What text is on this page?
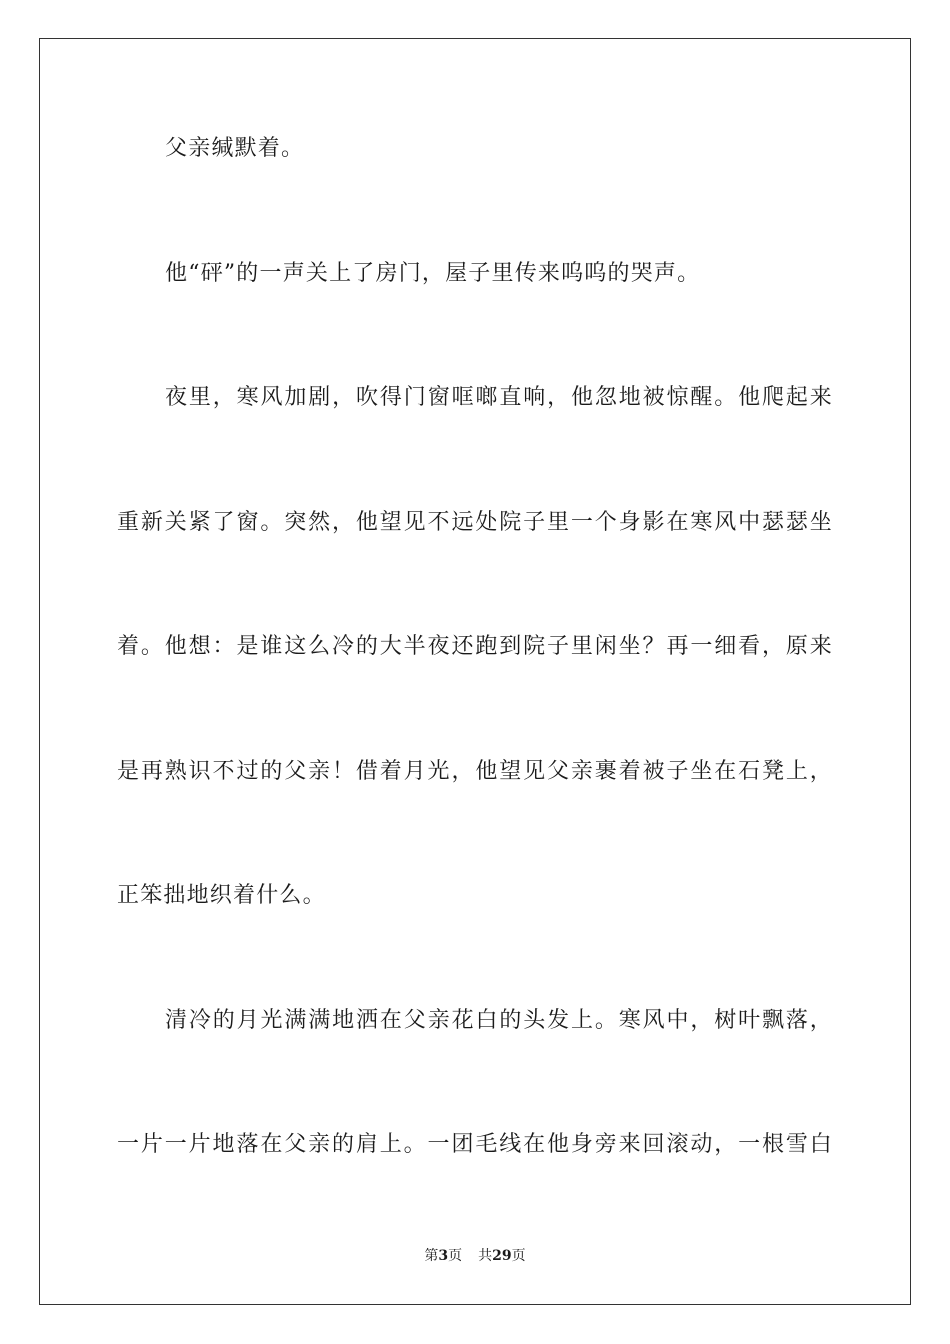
父亲缄默着。
他“砰”的一声关上了房门，屋子里传来呜呜的哭声。
夜里，寒风加剧，吹得门窗哐啷直响，他忽地被惊醒。他爬起来
重新关紧了窗。突然，他望见不远处院子里一个身影在寒风中瑟瑟坐
着。他想：是谁这么冷的大半夜还跑到院子里闲坐？再一细看，原来
是再熟识不过的父亲！借着月光，他望见父亲裹着被子坐在石凳上，
正笨拙地织着什么。
清冷的月光满满地洒在父亲花白的头发上。寒风中，树叶飘落，
一片一片地落在父亲的肩上。一团毛线在他身旁来回滚动，一根雪白
第3页 共29页
